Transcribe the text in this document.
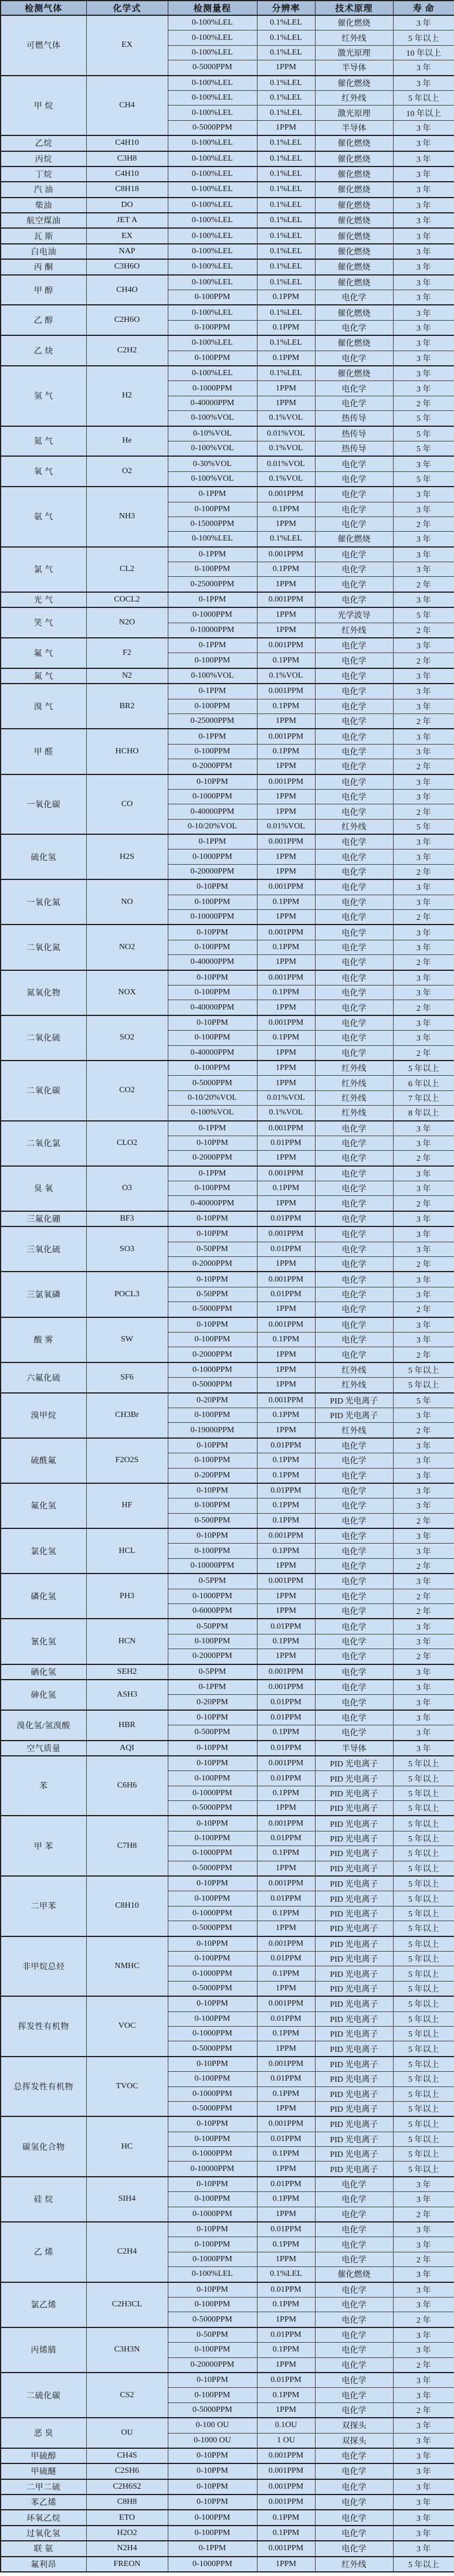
检测气体	化学式	检测量程	分辨率	技术原理	寿 命
可燃气体	EX	0-100%LEL	0.1%LEL	催化燃烧	3 年
		0-100%LEL	0.1%LEL	红外线	5 年以上
		0-100%LEL	0.1%LEL	激光原理	10 年以上
		0-5000PPM	1PPM	半导体	3 年
甲 烷	CH4	0-100%LEL	0.1%LEL	催化燃烧	3 年
		0-100%LEL	0.1%LEL	红外线	5 年以上
		0-100%LEL	0.1%LEL	激光原理	10 年以上
		0-5000PPM	1PPM	半导体	3 年
乙烷	C4H10	0-100%LEL	0.1%LEL	催化燃烧	3 年
丙烷	C3H8	0-100%LEL	0.1%LEL	催化燃烧	3 年
丁烷	C4H10	0-100%LEL	0.1%LEL	催化燃烧	3 年
汽 油	C8H18	0-100%LEL	0.1%LEL	催化燃烧	3 年
柴油	DO	0-100%LEL	0.1%LEL	催化燃烧	3 年
航空煤油	JET A	0-100%LEL	0.1%LEL	催化燃烧	3 年
瓦 斯	EX	0-100%LEL	0.1%LEL	催化燃烧	3 年
白电油	NAP	0-100%LEL	0.1%LEL	催化燃烧	3 年
丙 酮	C3H6O	0-100%LEL	0.1%LEL	催化燃烧	3 年
甲 醇	CH4O	0-100%LEL	0.1%LEL	催化燃烧	3 年
		0-100PPM	0.1PPM	电化学	3 年
乙 醇	C2H6O	0-100%LEL	0.1%LEL	催化燃烧	3 年
		0-100PPM	0.1PPM	电化学	3 年
乙 炔	C2H2	0-100%LEL	0.1%LEL	催化燃烧	3 年
		0-100PPM	0.1PPM	电化学	3 年
氢 气	H2	0-100%LEL	0.1%LEL	催化燃烧	3 年
		0-1000PPM	1PPM	电化学	3 年
		0-40000PPM	1PPM	电化学	2 年
		0-100%VOL	0.1%VOL	热传导	5 年
氦 气	He	0-10%VOL	0.01%VOL	热传导	5 年
		0-100%VOL	0.1%VOL	热传导	5 年
氧 气	O2	0-30%VOL	0.01%VOL	电化学	3 年
		0-100%VOL	0.1%VOL	电化学	5 年
氨 气	NH3	0-1PPM	0.001PPM	电化学	3 年
		0-100PPM	0.1PPM	电化学	3 年
		0-15000PPM	1PPM	电化学	2 年
		0-100%LEL	0.1%LEL	催化燃烧	3 年
氯 气	CL2	0-1PPM	0.001PPM	电化学	3 年
		0-100PPM	0.1PPM	电化学	3 年
		0-25000PPM	1PPM	电化学	2 年
光 气	COCL2	0-1PPM	0.001PPM	电化学	3 年
笑 气	N2O	0-1000PPM	1PPM	光学波导	5 年
		0-10000PPM	1PPM	红外线	2 年
氟 气	F2	0-1PPM	0.001PPM	电化学	3 年
		0-100PPM	0.1PPM	电化学	2 年
氮 气	N2	0-100%VOL	0.1%VOL	电化学	3 年
溴 气	BR2	0-1PPM	0.001PPM	电化学	3 年
		0-100PPM	0.1PPM	电化学	3 年
		0-25000PPM	1PPM	电化学	2 年
甲 醛	HCHO	0-1PPM	0.001PPM	电化学	3 年
		0-100PPM	0.1PPM	电化学	3 年
		0-2000PPM	1PPM	电化学	2 年
一氧化碳	CO	0-10PPM	0.001PPM	电化学	3 年
		0-1000PPM	1PPM	电化学	3 年
		0-40000PPM	1PPM	电化学	2 年
		0-10/20%VOL	0.01%VOL	红外线	5 年
硫化氢	H2S	0-1PPM	0.001PPM	电化学	3 年
		0-1000PPM	1PPM	电化学	3 年
		0-20000PPM	1PPM	电化学	2 年
一氧化氮	NO	0-10PPM	0.001PPM	电化学	3 年
		0-100PPM	0.1PPM	电化学	3 年
		0-10000PPM	1PPM	电化学	2 年
二氧化氮	NO2	0-10PPM	0.001PPM	电化学	3 年
		0-100PPM	0.1PPM	电化学	3 年
		0-40000PPM	1PPM	电化学	2 年
氮氧化物	NOX	0-10PPM	0.001PPM	电化学	3 年
		0-100PPM	0.1PPM	电化学	3 年
		0-40000PPM	1PPM	电化学	2 年
二氧化硫	SO2	0-10PPM	0.001PPM	电化学	3 年
		0-100PPM	0.1PPM	电化学	3 年
		0-40000PPM	1PPM	电化学	2 年
二氧化碳	CO2	0-100PPM	1PPM	红外线	5 年以上
		0-5000PPM	1PPM	红外线	6 年以上
		0-10/20%VOL	0.01%VOL	红外线	7 年以上
		0-100%VOL	0.1%VOL	红外线	8 年以上
二氧化氯	CLO2	0-1PPM	0.001PPM	电化学	3 年
		0-10PPM	0.01PPM	电化学	3 年
		0-2000PPM	1PPM	电化学	2 年
臭 氧	O3	0-1PPM	0.001PPM	电化学	3 年
		0-100PPM	0.1PPM	电化学	3 年
		0-40000PPM	1PPM	电化学	2 年
三氟化硼	BF3	0-10PPM	0.01PPM	电化学	3 年
三氧化硫	SO3	0-10PPM	0.001PPM	电化学	3 年
		0-50PPM	0.01PPM	电化学	3 年
		0-2000PPM	1PPM	电化学	2 年
三氯氧磷	POCL3	0-10PPM	0.001PPM	电化学	3 年
		0-50PPM	0.01PPM	电化学	3 年
		0-5000PPM	1PPM	电化学	2 年
酸 雾	SW	0-10PPM	0.001PPM	电化学	3 年
		0-100PPM	0.1PPM	电化学	3 年
		0-2000PPM	1PPM	电化学	2 年
六氟化硫	SF6	0-1000PPM	1PPM	红外线	5 年以上
		0-5000PPM	1PPM	红外线	5 年以上
溴甲烷	CH3Br	0-20PPM	0.001PPM	PID 光电离子	5 年
		0-100PPM	0.1PPM	PID 光电离子	3 年
		0-19000PPM	1PPM	红外线	2 年
硫酰氟	F2O2S	0-10PPM	0.01PPM	电化学	3 年
		0-100PPM	0.1PPM	电化学	3 年
		0-200PPM	0.1PPM	电化学	3 年
氟化氢	HF	0-10PPM	0.01PPM	电化学	3 年
		0-100PPM	0.1PPM	电化学	3 年
		0-500PPM	0.1PPM	电化学	2 年
氯化氢	HCL	0-10PPM	0.001PPM	电化学	3 年
		0-100PPM	0.1PPM	电化学	3 年
		0-10000PPM	1PPM	电化学	2 年
磷化氢	PH3	0-5PPM	0.001PPM	电化学	3 年
		0-1000PPM	1PPM	电化学	2 年
		0-6000PPM	1PPM	电化学	2 年
氰化氢	HCN	0-50PPM	0.01PPM	电化学	3 年
		0-100PPM	0.1PPM	电化学	3 年
		0-2000PPM	1PPM	电化学	2 年
硒化氢	SEH2	0-5PPM	0.001PPM	电化学	3 年
砷化氢	ASH3	0-1PPM	0.001PPM	电化学	3 年
		0-20PPM	0.01PPM	电化学	3 年
溴化氢/氢溴酸	HBR	0-10PPM	0.01PPM	电化学	3 年
		0-500PPM	0.1PPM	电化学	3 年
空气质量	AQI	0-10PPM	0.01PPM	半导体	3 年
苯	C6H6	0-10PPM	0.001PPM	PID 光电离子	5 年以上
		0-100PPM	0.01PPM	PID 光电离子	5 年以上
		0-1000PPM	0.1PPM	PID 光电离子	5 年以上
		0-5000PPM	1PPM	PID 光电离子	5 年以上
甲 苯	C7H8	0-10PPM	0.001PPM	PID 光电离子	5 年以上
		0-100PPM	0.01PPM	PID 光电离子	5 年以上
		0-1000PPM	0.1PPM	PID 光电离子	5 年以上
		0-5000PPM	1PPM	PID 光电离子	5 年以上
二甲苯	C8H10	0-10PPM	0.001PPM	PID 光电离子	5 年以上
		0-100PPM	0.01PPM	PID 光电离子	5 年以上
		0-1000PPM	0.1PPM	PID 光电离子	5 年以上
		0-5000PPM	1PPM	PID 光电离子	5 年以上
非甲烷总烃	NMHC	0-10PPM	0.001PPM	PID 光电离子	5 年以上
		0-100PPM	0.01PPM	PID 光电离子	5 年以上
		0-1000PPM	0.1PPM	PID 光电离子	5 年以上
		0-5000PPM	1PPM	PID 光电离子	5 年以上
挥发性有机物	VOC	0-10PPM	0.001PPM	PID 光电离子	5 年以上
		0-100PPM	0.01PPM	PID 光电离子	5 年以上
		0-1000PPM	0.1PPM	PID 光电离子	5 年以上
		0-5000PPM	1PPM	PID 光电离子	5 年以上
总挥发性有机物	TVOC	0-10PPM	0.001PPM	PID 光电离子	5 年以上
		0-100PPM	0.01PPM	PID 光电离子	5 年以上
		0-1000PPM	0.1PPM	PID 光电离子	5 年以上
		0-5000PPM	1PPM	PID 光电离子	5 年以上
碳氢化合物	HC	0-10PPM	0.001PPM	PID 光电离子	5 年以上
		0-100PPM	0.01PPM	PID 光电离子	5 年以上
		0-1000PPM	0.1PPM	PID 光电离子	5 年以上
		0-10000PPM	1PPM	PID 光电离子	5 年以上
硅 烷	SIH4	0-10PPM	0.01PPM	电化学	3 年
		0-100PPM	0.1PPM	电化学	3 年
		0-1000PPM	1PPM	电化学	2 年
乙 烯	C2H4	0-10PPM	0.01PPM	电化学	3 年
		0-100PPM	0.1PPM	电化学	3 年
		0-1000PPM	1PPM	电化学	2 年
		0-100%LEL	0.1%LEL	催化燃烧	3 年
氯乙烯	C2H3CL	0-10PPM	0.01PPM	电化学	3 年
		0-100PPM	0.1PPM	电化学	3 年
		0-5000PPM	1PPM	电化学	2 年
丙烯腈	C3H3N	0-50PPM	0.01PPM	电化学	3 年
		0-100PPM	0.1PPM	电化学	3 年
		0-20000PPM	1PPM	电化学	2 年
二硫化碳	CS2	0-10PPM	0.01PPM	电化学	3 年
		0-100PPM	0.1PPM	电化学	3 年
		0-5000PPM	1PPM	电化学	2 年
恶 臭	OU	0-100 OU	0.1OU	双探头	3 年
		0-1000 OU	1 OU	双探头	3 年
甲硫醇	CH4S	0-10PPM	0.001PPM	电化学	3 年
甲硫醚	C2SH6	0-10PPM	0.001PPM	电化学	3 年
二甲二硫	C2H6S2	0-10PPM	0.001PPM	电化学	3 年
苯乙烯	C8H8	0-10PPM	0.001PPM	电化学	3 年
环氧乙烷	ETO	0-100PPM	0.1PPM	电化学	3 年
过氧化氢	H2O2	0-100PPM	0.1PPM	电化学	3 年
联 氨	N2H4	0-1PPM	0.001PPM	电化学	3 年
氟利昂	FREON	0-1000PPM	1PPM	红外线	5 年以上
